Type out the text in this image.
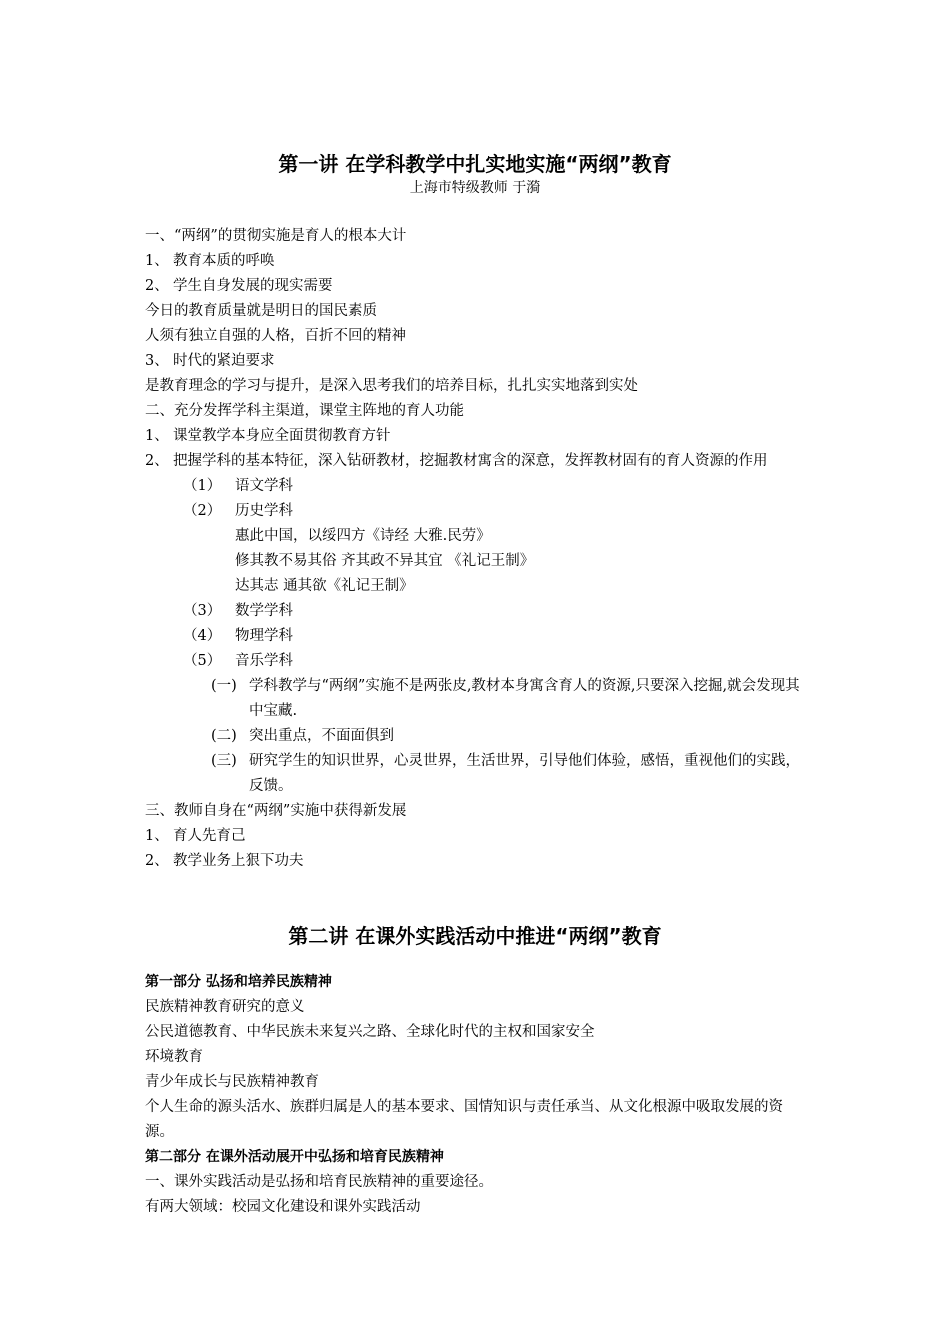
第一讲 在学科教学中扎实地实施“两纲”教育
上海市特级教师 于漪
一、“两纲”的贯彻实施是育人的根本大计
1、 教育本质的呼唤
2、 学生自身发展的现实需要
今日的教育质量就是明日的国民素质
人须有独立自强的人格，百折不回的精神
3、 时代的紧迫要求
是教育理念的学习与提升，是深入思考我们的培养目标，扎扎实实地落到实处
二、充分发挥学科主渠道，课堂主阵地的育人功能
1、 课堂教学本身应全面贯彻教育方针
2、 把握学科的基本特征，深入钻研教材，挖掘教材寓含的深意，发挥教材固有的育人资源的作用
（1） 语文学科
（2） 历史学科
惠此中国，以绥四方《诗经 大雅.民劳》
修其教不易其俗 齐其政不异其宜 《礼记王制》
达其志 通其欲《礼记王制》
（3） 数学学科
（4） 物理学科
（5） 音乐学科
(一) 学科教学与“两纲”实施不是两张皮,教材本身寓含育人的资源,只要深入挖掘,就会发现其中宝藏.
(二) 突出重点，不面面俱到
(三) 研究学生的知识世界，心灵世界，生活世界，引导他们体验，感悟，重视他们的实践，反馈。
三、教师自身在“两纲”实施中获得新发展
1、 育人先育己
2、 教学业务上狠下功夫
第二讲 在课外实践活动中推进“两纲”教育
第一部分 弘扬和培养民族精神
民族精神教育研究的意义
公民道德教育、中华民族未来复兴之路、全球化时代的主权和国家安全
环境教育
青少年成长与民族精神教育
个人生命的源头活水、族群归属是人的基本要求、国情知识与责任承当、从文化根源中吸取发展的资源。
第二部分 在课外活动展开中弘扬和培育民族精神
一、课外实践活动是弘扬和培育民族精神的重要途径。
有两大领域：校园文化建设和课外实践活动
